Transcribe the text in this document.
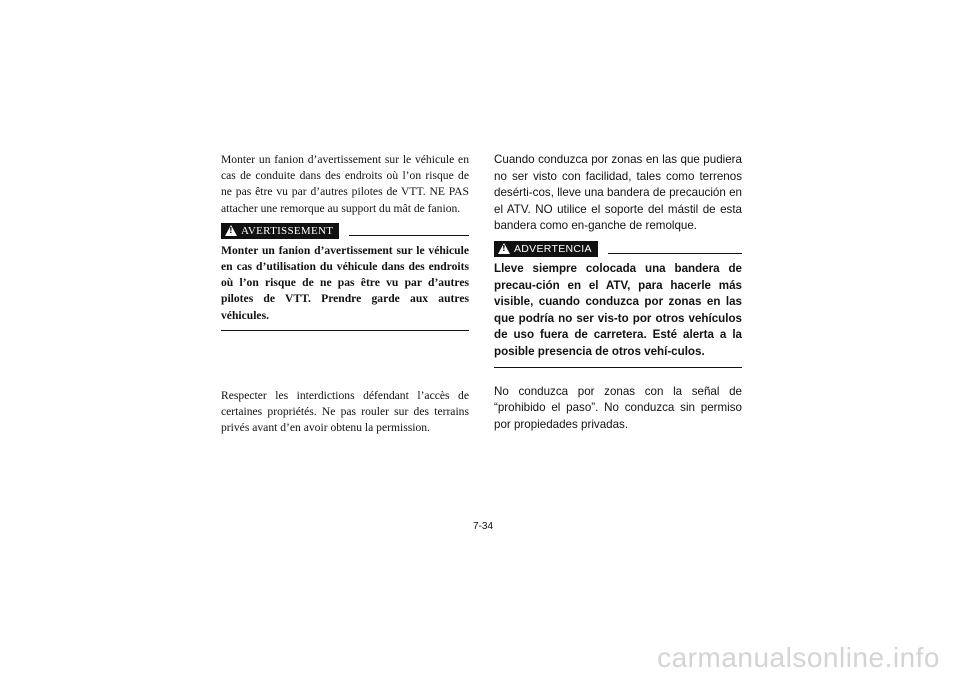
Monter un fanion d’avertissement sur le véhicule en cas de conduite dans des endroits où l’on risque de ne pas être vu par d’autres pilotes de VTT. NE PAS attacher une remorque au support du mât de fanion.

!
AVERTISSEMENT

Monter un fanion d’avertissement sur le véhicule en cas d’utilisation du véhicule dans des endroits où l’on risque de ne pas être vu par d’autres pilotes de VTT. Prendre garde aux autres véhicules.

Respecter les interdictions défendant l’accès de certaines propriétés. Ne pas rouler sur des terrains privés avant d’en avoir obtenu la permission.

Cuando conduzca por zonas en las que pudiera no ser visto con facilidad, tales como terrenos desérti-cos, lleve una bandera de precaución en el ATV. NO utilice el soporte del mástil de esta bandera como en-ganche de remolque.

!
ADVERTENCIA

Lleve siempre colocada una bandera de precau-ción en el ATV, para hacerle más visible, cuando conduzca por zonas en las que podría no ser vis-to por otros vehículos de uso fuera de carretera. Esté alerta a la posible presencia de otros vehí-culos.

No conduzca por zonas con la señal de “prohibido el paso”. No conduzca sin permiso por propiedades privadas.

7-34
carmanualsonline.info
